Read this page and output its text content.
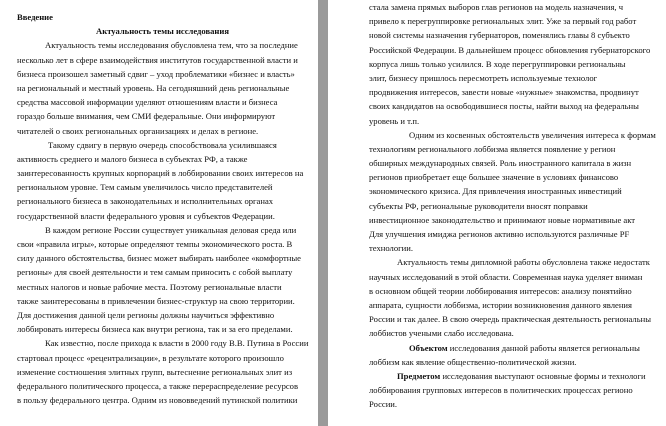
Введение
Актуальность темы исследования
Актуальность темы исследования обусловлена тем, что за последние
несколько лет в сфере взаимодействия институтов государственной власти и
бизнеса произошел заметный сдвиг – уход проблематики «бизнес и власть»
на региональный и местный уровень. На сегодняшний день региональные
средства массовой информации уделяют отношениям власти и бизнеса
гораздо больше внимания, чем СМИ федеральные. Они информируют
читателей о своих региональных организациях и делах в регионе.
Такому сдвигу в первую очередь способствовала усилившаяся
активность среднего и малого бизнеса в субъектах РФ, а также
заинтересованность крупных корпораций в лоббировании своих интересов на
региональном уровне. Тем самым увеличилось число представителей
регионального бизнеса в законодательных и исполнительных органах
государственной власти федерального уровня и субъектов Федерации.
В каждом регионе России существует уникальная деловая среда или
свои «правила игры», которые определяют темпы экономического роста. В
силу данного обстоятельства, бизнес может выбирать наиболее «комфортные
регионы» для своей деятельности и тем самым приносить с собой выплату
местных налогов и новые рабочие места. Поэтому региональные власти
также заинтересованы в привлечении бизнес-структур на свою территории.
Для достижения данной цели регионы должны научиться эффективно
лоббировать интересы бизнеса как внутри региона, так и за его пределами.
Как известно, после прихода к власти в 2000 году В.В. Путина в России
стартовал процесс «рецентрализации», в результате которого произошло
изменение состношения элитных групп, вытеснение региональных элит из
федерального политического процесса, а также перераспределение ресурсов
в пользу федерального центра. Одним из нововведений путинской политики
стала замена прямых выборов глав регионов на модель назначения, ч
привело к перегруппировке региональных элит. Уже за первый год работ
новой системы назначения губернаторов, поменялись главы 8 субъекто
Российской Федерации. В дальнейшем процесс обновления губернаторского
корпуса лишь только усилился. В ходе перегруппировки региональны
элит, бизнесу пришлось пересмотреть используемые технолог
продвижения интересов, завести новые «нужные» знакомства, продвинут
своих кандидатов на освободившиеся посты, найти выход на федеральны
уровень и т.п.
Одним из косвенных обстоятельств увеличения интереса к формам
технологиям регионального лоббизма является появление у регион
обширных международных связей. Роль иностранного капитала в жизн
регионов приобретает еще большее значение в условиях финансово
экономического кризиса. Для привлечения иностранных инвестиций
субъекты РФ, региональные руководители вносят поправки
инвестиционное законодательство и принимают новые нормативные акт
Для улучшения имиджа регионов активно используются различные PF
технологии.
Актуальность темы дипломной работы обусловлена также недостатк
научных исследований в этой области. Современная наука уделяет вниман
в основном общей теории лоббирования интересов: анализу понятийно
аппарата, сущности лоббизма, истории возникновения данного явления
России и так далее. В свою очередь практическая деятельность региональны
лоббистов учеными слабо исследована.
Объектом исследования данной работы является региональны
лоббизм как явление общественно-политической жизни.
Предметом исследования выступают основные формы и технологи
лоббирования групповых интересов в политических процессах регионо
России.
